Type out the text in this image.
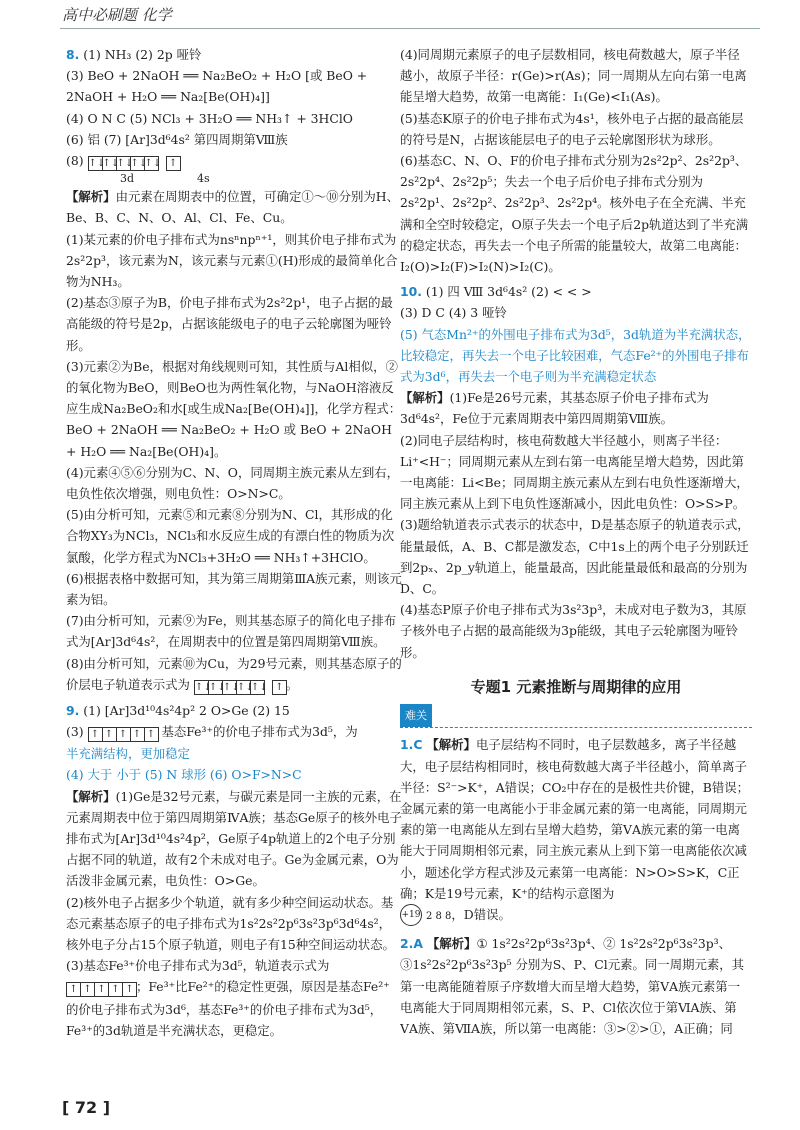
高中必刷题 化学

8. (1) NH₃ (2) 2p 哑铃

(3) BeO + 2NaOH ══ Na₂BeO₂ + H₂O [或 BeO + 2NaOH + H₂O ══ Na₂[Be(OH)₄]]

(4) O N C (5) NCl₃ + 3H₂O ══ NH₃↑ + 3HClO

(6) 铝 (7) [Ar]3d⁶4s² 第四周期第Ⅷ族

(8) ↑↓↑↓↑↓↑↓↑↓ ↑

3d	4s

【解析】由元素在周期表中的位置，可确定①～⑩分别为H、Be、B、C、N、O、Al、Cl、Fe、Cu。

(1)某元素的价电子排布式为nsⁿnpⁿ⁺¹，则其价电子排布式为2s²2p³，该元素为N，该元素与元素①(H)形成的最简单化合物为NH₃。

(2)基态③原子为B，价电子排布式为2s²2p¹，电子占据的最高能级的符号是2p，占据该能级电子的电子云轮廓图为哑铃形。

(3)元素②为Be，根据对角线规则可知，其性质与Al相似，②的氧化物为BeO，则BeO也为两性氧化物，与NaOH溶液反应生成Na₂BeO₂和水[或生成Na₂[Be(OH)₄]]，化学方程式：BeO + 2NaOH ══ Na₂BeO₂ + H₂O 或 BeO + 2NaOH + H₂O ══ Na₂[Be(OH)₄]。

(4)元素④⑤⑥分别为C、N、O，同周期主族元素从左到右，电负性依次增强，则电负性：O>N>C。

(5)由分析可知，元素⑤和元素⑧分别为N、Cl，其形成的化合物XY₃为NCl₃，NCl₃和水反应生成的有漂白性的物质为次氯酸，化学方程式为NCl₃+3H₂O ══ NH₃↑+3HClO。

(6)根据表格中数据可知，其为第三周期第ⅢA族元素，则该元素为铝。

(7)由分析可知，元素⑨为Fe，则其基态原子的简化电子排布式为[Ar]3d⁶4s²，在周期表中的位置是第四周期第Ⅷ族。

(8)由分析可知，元素⑩为Cu，为29号元素，则其基态原子的价层电子轨道表示式为 ↑↓↑↓↑↓↑↓↑↓ ↑ 。

9. (1) [Ar]3d¹⁰4s²4p² 2 O>Ge (2) 15

(3) ↑ ↑ ↑ ↑ ↑ 基态Fe³⁺的价电子排布式为3d⁵，为

半充满结构，更加稳定

(4) 大于 小于 (5) N 球形 (6) O>F>N>C

【解析】(1)Ge是32号元素，与碳元素是同一主族的元素，在元素周期表中位于第四周期第ⅣA族；基态Ge原子的核外电子排布式为[Ar]3d¹⁰4s²4p²，Ge原子4p轨道上的2个电子分别占据不同的轨道，故有2个未成对电子。Ge为金属元素，O为活泼非金属元素，电负性：O>Ge。

(2)核外电子占据多少个轨道，就有多少种空间运动状态。基态元素基态原子的电子排布式为1s²2s²2p⁶3s²3p⁶3d⁶4s²，核外电子分占15个原子轨道，则电子有15种空间运动状态。

(3)基态Fe³⁺价电子排布式为3d⁵，轨道表示式为

↑ ↑ ↑ ↑ ↑ ；Fe³⁺比Fe²⁺的稳定性更强，原因是基态Fe²⁺的价电子排布式为3d⁶，基态Fe³⁺的价电子排布式为3d⁵，Fe³⁺的3d轨道是半充满状态，更稳定。

(4)同周期元素原子的电子层数相同，核电荷数越大，原子半径越小，故原子半径：r(Ge)>r(As)；同一周期从左向右第一电离能呈增大趋势，故第一电离能：I₁(Ge)<I₁(As)。

(5)基态K原子的价电子排布式为4s¹，核外电子占据的最高能层的符号是N，占据该能层电子的电子云轮廓图形状为球形。

(6)基态C、N、O、F的价电子排布式分别为2s²2p²、2s²2p³、2s²2p⁴、2s²2p⁵；失去一个电子后价电子排布式分别为2s²2p¹、2s²2p²、2s²2p³、2s²2p⁴。核外电子在全充满、半充满和全空时较稳定，O原子失去一个电子后2p轨道达到了半充满的稳定状态，再失去一个电子所需的能量较大，故第二电离能：I₂(O)>I₂(F)>I₂(N)>I₂(C)。

10. (1) 四 Ⅷ 3d⁶4s² (2) < < >

(3) D C (4) 3 哑铃

(5) 气态Mn²⁺的外围电子排布式为3d⁵，3d轨道为半充满状态，比较稳定，再失去一个电子比较困难，气态Fe²⁺的外围电子排布式为3d⁶，再失去一个电子则为半充满稳定状态

【解析】(1)Fe是26号元素，其基态原子价电子排布式为3d⁶4s²，Fe位于元素周期表中第四周期第Ⅷ族。

(2)同电子层结构时，核电荷数越大半径越小，则离子半径：Li⁺<H⁻；同周期元素从左到右第一电离能呈增大趋势，因此第一电离能：Li<Be；同周期主族元素从左到右电负性逐渐增大，同主族元素从上到下电负性逐渐减小，因此电负性：O>S>P。

(3)题给轨道表示式表示的状态中，D是基态原子的轨道表示式，能量最低，A、B、C都是激发态，C中1s上的两个电子分别跃迁到2pₓ、2p_y轨道上，能量最高，因此能量最低和最高的分别为D、C。

(4)基态P原子价电子排布式为3s²3p³，未成对电子数为3，其原子核外电子占据的最高能级为3p能级，其电子云轮廓图为哑铃形。

专题1 元素推断与周期律的应用
难关

1.C 【解析】电子层结构不同时，电子层数越多，离子半径越大，电子层结构相同时，核电荷数越大离子半径越小，简单离子半径：S²⁻>K⁺，A错误；CO₂中存在的是极性共价键，B错误；金属元素的第一电离能小于非金属元素的第一电离能，同周期元素的第一电离能从左到右呈增大趋势，第ⅤA族元素的第一电离能大于同周期相邻元素，同主族元素从上到下第一电离能依次减小，题述化学方程式涉及元素第一电离能：N>O>S>K，C正确；K是19号元素，K⁺的结构示意图为

+19 2 8 8，D错误。

2.A 【解析】① 1s²2s²2p⁶3s²3p⁴、② 1s²2s²2p⁶3s²3p³、③1s²2s²2p⁶3s²3p⁵ 分别为S、P、Cl元素。同一周期元素，其第一电离能随着原子序数增大而呈增大趋势，第ⅤA族元素第一电离能大于同周期相邻元素，S、P、Cl依次位于第ⅥA族、第ⅤA族、第ⅦA族，所以第一电离能：③>②>①，A正确；同

[ 72 ]
